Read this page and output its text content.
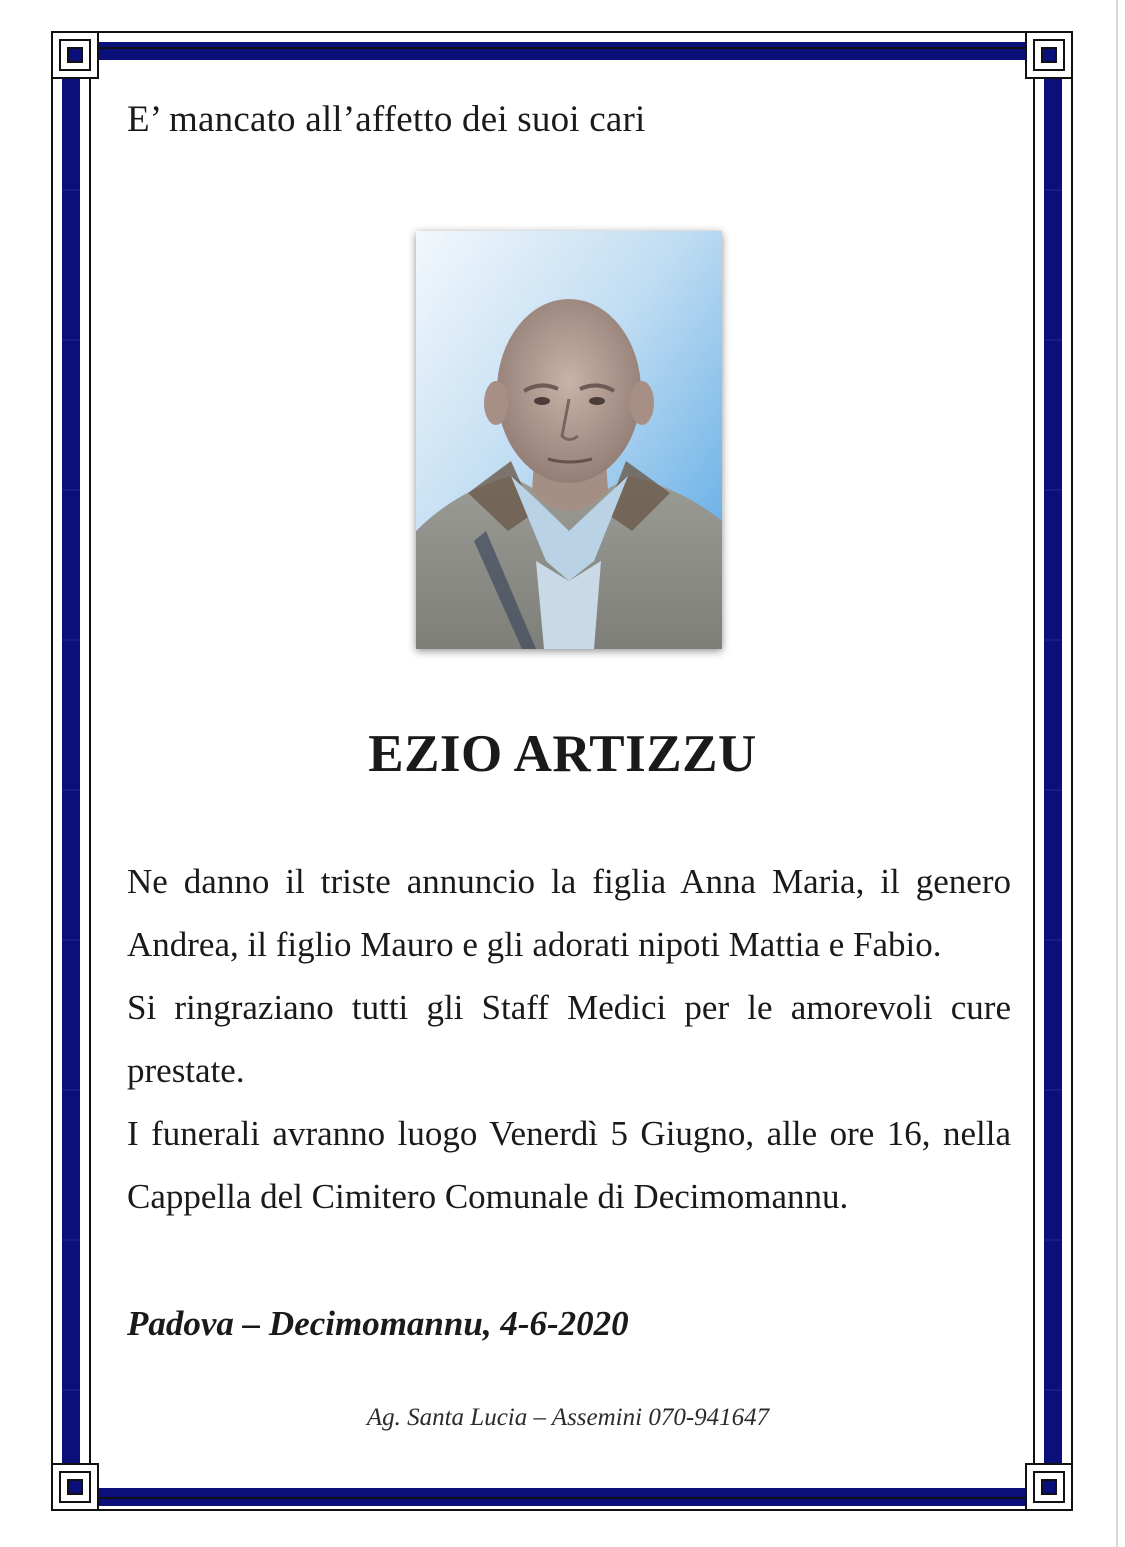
E’ mancato all’affetto dei suoi cari
EZIO ARTIZZU

Ne danno il triste annuncio la figlia Anna Maria, il genero Andrea, il figlio Mauro e gli adorati nipoti Mattia e Fabio.

Si ringraziano tutti gli Staff Medici per le amorevoli cure prestate.

I funerali avranno luogo Venerdì 5 Giugno, alle ore 16, nella Cappella del Cimitero Comunale di Decimomannu.

Padova – Decimomannu, 4-6-2020
Ag. Santa Lucia – Assemini 070-941647
